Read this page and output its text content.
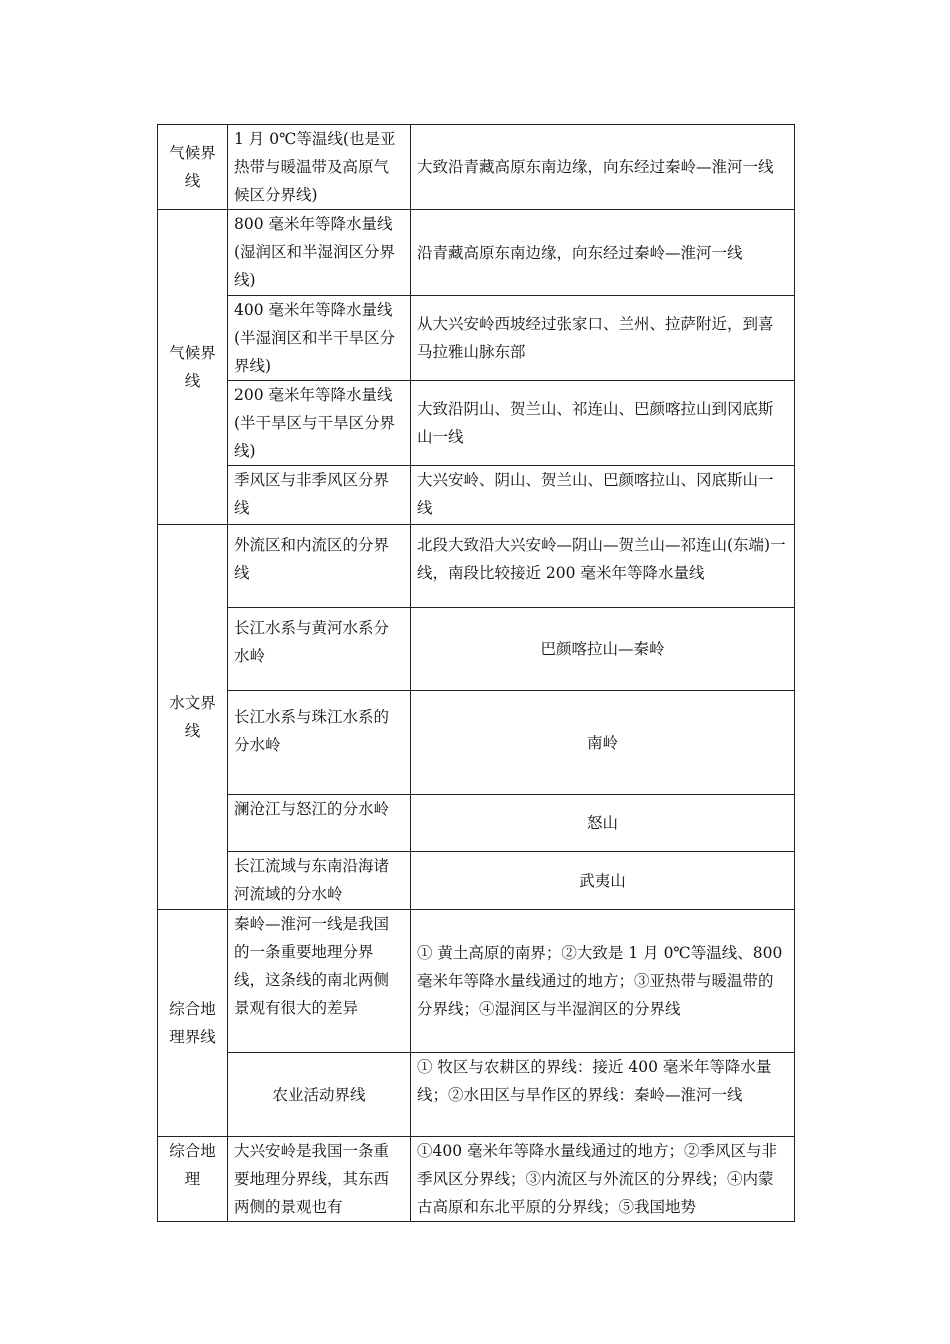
气候界线	1 月 0℃等温线(也是亚热带与暖温带及高原气候区分界线)	大致沿青藏高原东南边缘，向东经过秦岭—淮河一线
气候界线	800 毫米年等降水量线(湿润区和半湿润区分界线)	沿青藏高原东南边缘，向东经过秦岭—淮河一线
	400 毫米年等降水量线(半湿润区和半干旱区分界线)	从大兴安岭西坡经过张家口、兰州、拉萨附近，到喜马拉雅山脉东部
	200 毫米年等降水量线(半干旱区与干旱区分界线)	大致沿阴山、贺兰山、祁连山、巴颜喀拉山到冈底斯山一线
	季风区与非季风区分界线	大兴安岭、阴山、贺兰山、巴颜喀拉山、冈底斯山一线
水文界线	外流区和内流区的分界线	北段大致沿大兴安岭—阴山—贺兰山—祁连山(东端)一线，南段比较接近 200 毫米年等降水量线
	长江水系与黄河水系分水岭	巴颜喀拉山—秦岭
	长江水系与珠江水系的分水岭	南岭
	澜沧江与怒江的分水岭	怒山
	长江流域与东南沿海诸河流域的分水岭	武夷山
综合地理界线	秦岭—淮河一线是我国的一条重要地理分界线，这条线的南北两侧景观有很大的差异	① 黄土高原的南界；②大致是 1 月 0℃等温线、800 毫米年等降水量线通过的地方；③亚热带与暖温带的分界线；④湿润区与半湿润区的分界线
	农业活动界线	① 牧区与农耕区的界线：接近 400 毫米年等降水量线；②水田区与旱作区的界线：秦岭—淮河一线
综合地理	大兴安岭是我国一条重要地理分界线，其东西两侧的景观也有	①400 毫米年等降水量线通过的地方；②季风区与非季风区分界线；③内流区与外流区的分界线；④内蒙古高原和东北平原的分界线；⑤我国地势
